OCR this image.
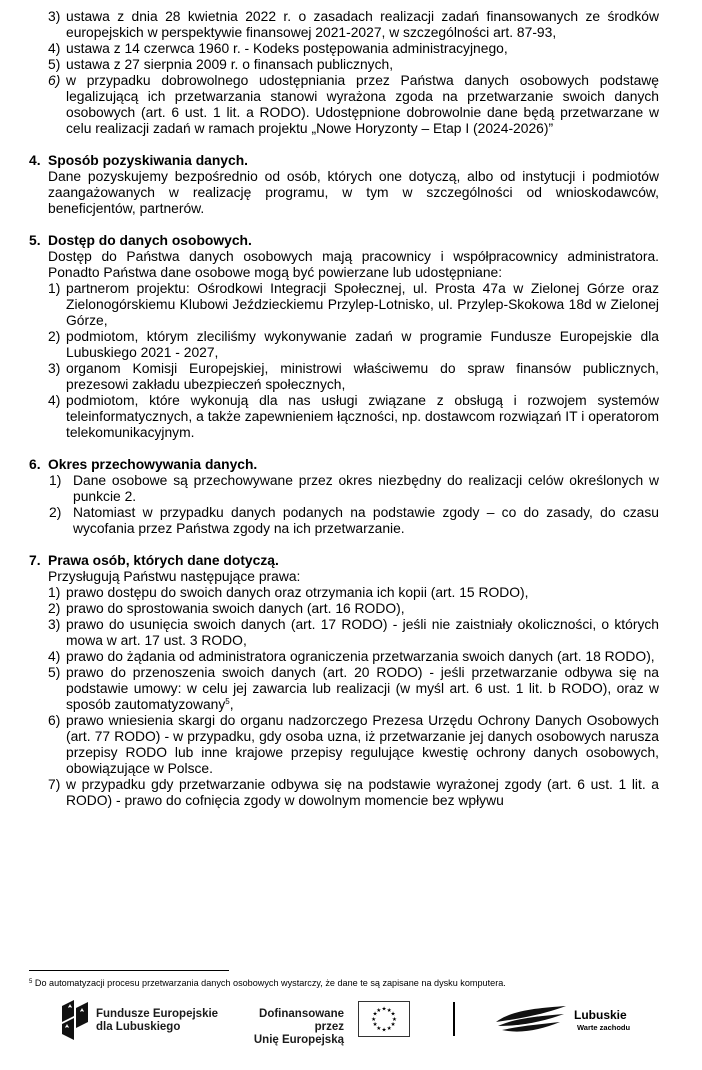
3) ustawa z dnia 28 kwietnia 2022 r. o zasadach realizacji zadań finansowanych ze środków europejskich w perspektywie finansowej 2021-2027, w szczególności art. 87-93,

4) ustawa z 14 czerwca 1960 r. - Kodeks postępowania administracyjnego,

5) ustawa z 27 sierpnia 2009 r. o finansach publicznych,

6) w przypadku dobrowolnego udostępniania przez Państwa danych osobowych podstawę legalizującą ich przetwarzania stanowi wyrażona zgoda na przetwarzanie swoich danych osobowych (art. 6 ust. 1 lit. a RODO). Udostępnione dobrowolnie dane będą przetwarzane w celu realizacji zadań w ramach projektu „Nowe Horyzonty – Etap I (2024-2026)”

4. Sposób pozyskiwania danych.

Dane pozyskujemy bezpośrednio od osób, których one dotyczą, albo od instytucji i podmiotów zaangażowanych w realizację programu, w tym w szczególności od wnioskodawców, beneficjentów, partnerów.

5. Dostęp do danych osobowych.

Dostęp do Państwa danych osobowych mają pracownicy i współpracownicy administratora. Ponadto Państwa dane osobowe mogą być powierzane lub udostępniane:

1) partnerom projektu: Ośrodkowi Integracji Społecznej, ul. Prosta 47a w Zielonej Górze oraz Zielonogórskiemu Klubowi Jeździeckiemu Przylep-Lotnisko, ul. Przylep-Skokowa 18d w Zielonej Górze,

2) podmiotom, którym zleciliśmy wykonywanie zadań w programie Fundusze Europejskie dla Lubuskiego 2021 - 2027,

3) organom Komisji Europejskiej, ministrowi właściwemu do spraw finansów publicznych, prezesowi zakładu ubezpieczeń społecznych,

4) podmiotom, które wykonują dla nas usługi związane z obsługą i rozwojem systemów teleinformatycznych, a także zapewnieniem łączności, np. dostawcom rozwiązań IT i operatorom telekomunikacyjnym.

6. Okres przechowywania danych.

1) Dane osobowe są przechowywane przez okres niezbędny do realizacji celów określonych w punkcie 2.

2) Natomiast w przypadku danych podanych na podstawie zgody – co do zasady, do czasu wycofania przez Państwa zgody na ich przetwarzanie.

7. Prawa osób, których dane dotyczą.

Przysługują Państwu następujące prawa:

1) prawo dostępu do swoich danych oraz otrzymania ich kopii (art. 15 RODO),

2) prawo do sprostowania swoich danych (art. 16 RODO),

3) prawo do usunięcia swoich danych (art. 17 RODO) - jeśli nie zaistniały okoliczności, o których mowa w art. 17 ust. 3 RODO,

4) prawo do żądania od administratora ograniczenia przetwarzania swoich danych (art. 18 RODO),

5) prawo do przenoszenia swoich danych (art. 20 RODO) - jeśli przetwarzanie odbywa się na podstawie umowy: w celu jej zawarcia lub realizacji (w myśl art. 6 ust. 1 lit. b RODO), oraz w sposób zautomatyzowany$^5$,

6) prawo wniesienia skargi do organu nadzorczego Prezesa Urzędu Ochrony Danych Osobowych (art. 77 RODO) - w przypadku, gdy osoba uzna, iż przetwarzanie jej danych osobowych narusza przepisy RODO lub inne krajowe przepisy regulujące kwestię ochrony danych osobowych, obowiązujące w Polsce.

7) w przypadku gdy przetwarzanie odbywa się na podstawie wyrażonej zgody (art. 6 ust. 1 lit. a RODO) - prawo do cofnięcia zgody w dowolnym momencie bez wpływu

$^5$ Do automatyzacji procesu przetwarzania danych osobowych wystarczy, że dane te są zapisane na dysku komputera.
Fundusze Europejskie
dla Lubuskiego
Dofinansowane przez
Unię Europejską
★
★
★
★
★
★
★
★
★ ★ ★
★	Lubuskie
Warte zachodu
